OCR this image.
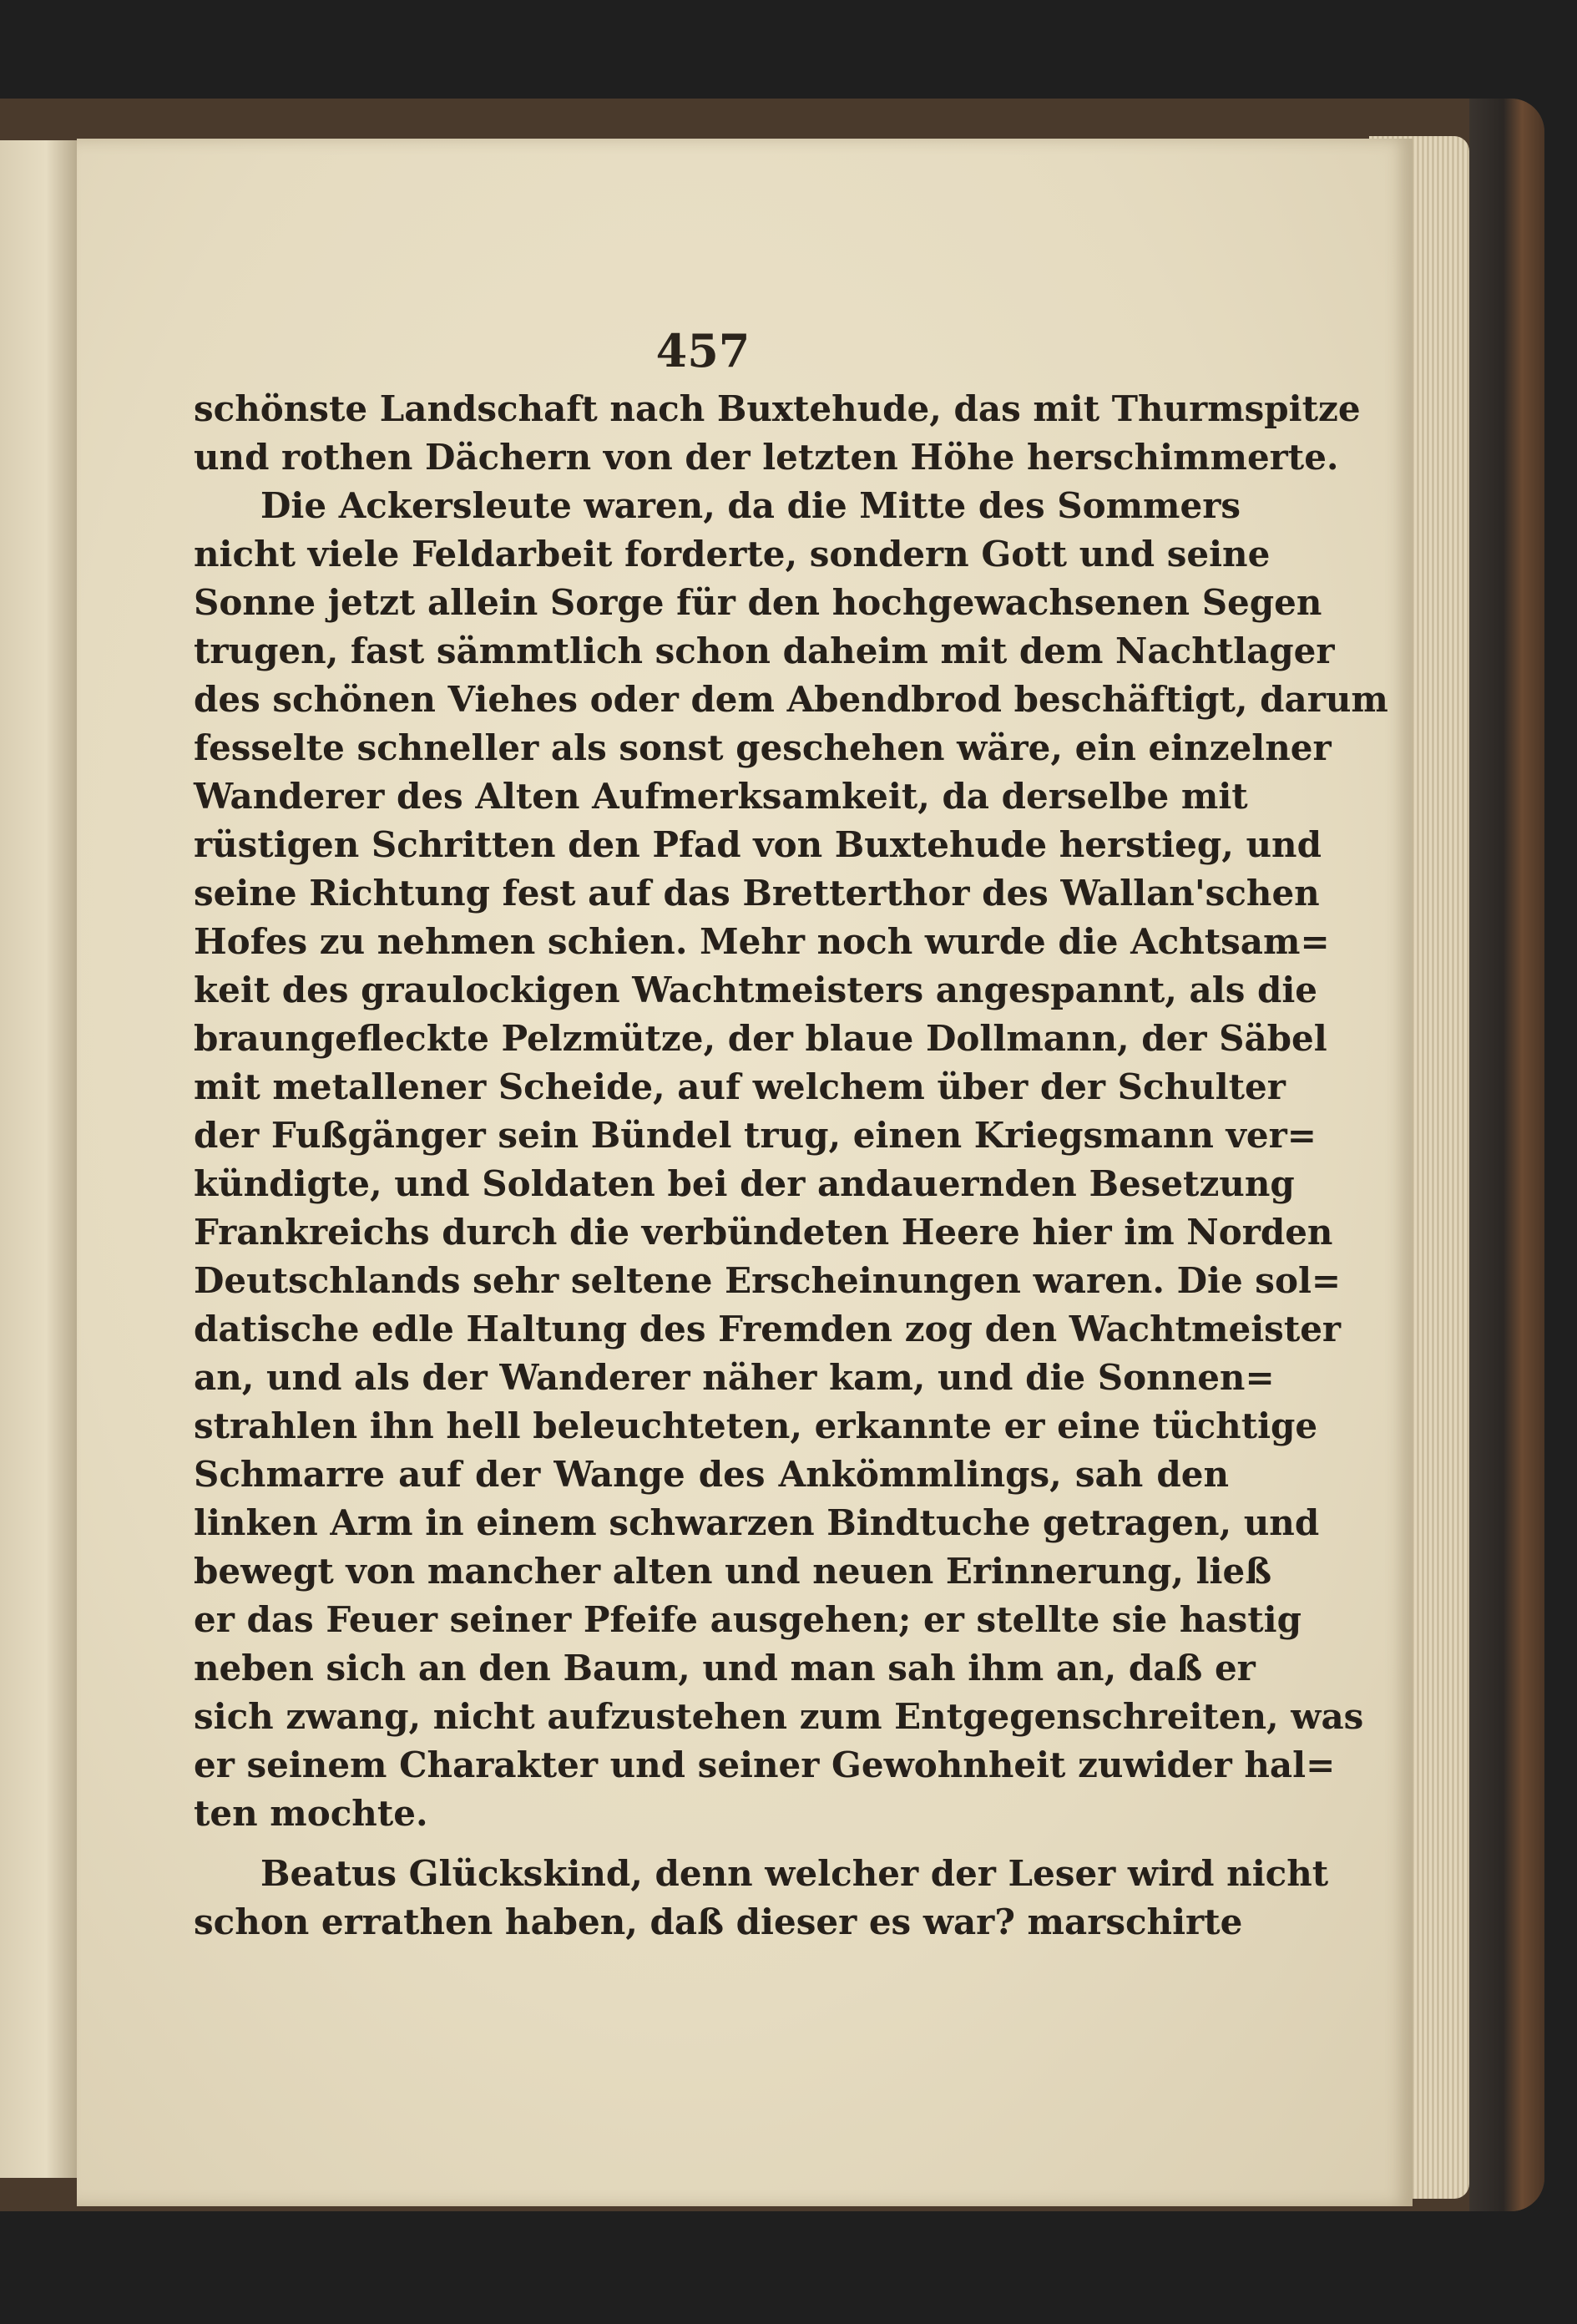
457
schönste Landschaft nach Buxtehude, das mit Thurmspitze
und rothen Dächern von der letzten Höhe herschimmerte.
Die Ackersleute waren, da die Mitte des Sommers
nicht viele Feldarbeit forderte, sondern Gott und seine
Sonne jetzt allein Sorge für den hochgewachsenen Segen
trugen, fast sämmtlich schon daheim mit dem Nachtlager
des schönen Viehes oder dem Abendbrod beschäftigt, darum
fesselte schneller als sonst geschehen wäre, ein einzelner
Wanderer des Alten Aufmerksamkeit, da derselbe mit
rüstigen Schritten den Pfad von Buxtehude herstieg, und
seine Richtung fest auf das Bretterthor des Wallan'schen
Hofes zu nehmen schien. Mehr noch wurde die Achtsam=
keit des graulockigen Wachtmeisters angespannt, als die
braungefleckte Pelzmütze, der blaue Dollmann, der Säbel
mit metallener Scheide, auf welchem über der Schulter
der Fußgänger sein Bündel trug, einen Kriegsmann ver=
kündigte, und Soldaten bei der andauernden Besetzung
Frankreichs durch die verbündeten Heere hier im Norden
Deutschlands sehr seltene Erscheinungen waren. Die sol=
datische edle Haltung des Fremden zog den Wachtmeister
an, und als der Wanderer näher kam, und die Sonnen=
strahlen ihn hell beleuchteten, erkannte er eine tüchtige
Schmarre auf der Wange des Ankömmlings, sah den
linken Arm in einem schwarzen Bindtuche getragen, und
bewegt von mancher alten und neuen Erinnerung, ließ
er das Feuer seiner Pfeife ausgehen; er stellte sie hastig
neben sich an den Baum, und man sah ihm an, daß er
sich zwang, nicht aufzustehen zum Entgegenschreiten, was
er seinem Charakter und seiner Gewohnheit zuwider hal=
ten mochte.
Beatus Glückskind, denn welcher der Leser wird nicht
schon errathen haben, daß dieser es war? marschirte
